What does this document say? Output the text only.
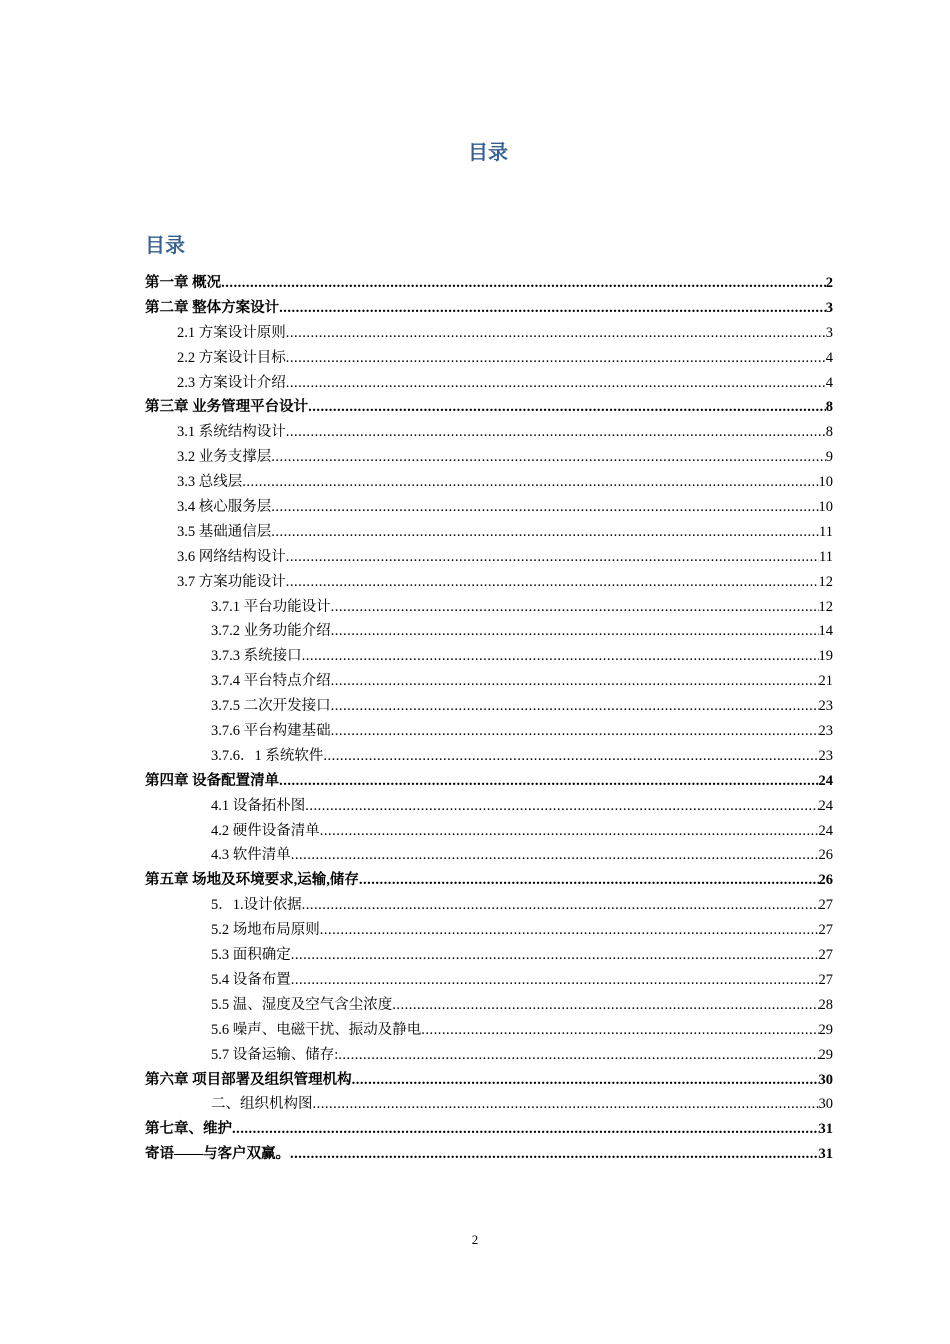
目录
目录
第一章 概况 .....	2
第二章 整体方案设计 .....	3
2.1 方案设计原则 .....	3
2.2 方案设计目标 .....	4
2.3 方案设计介绍 .....	4
第三章 业务管理平台设计 .....	8
3.1 系统结构设计 .....	8
3.2 业务支撑层 .....	9
3.3 总线层 .....	10
3.4 核心服务层 .....	10
3.5 基础通信层 .....	11
3.6 网络结构设计 .....	11
3.7 方案功能设计 .....	12
3.7.1 平台功能设计 .....	12
3.7.2 业务功能介绍 .....	14
3.7.3 系统接口 .....	19
3.7.4 平台特点介绍 .....	21
3.7.5 二次开发接口 .....	23
3.7.6 平台构建基础 .....	23
3.7.6．1 系统软件 .....	23
第四章 设备配置清单 .....	24
4.1 设备拓朴图 .....	24
4.2 硬件设备清单 .....	24
4.3 软件清单 .....	26
第五章 场地及环境要求,运输,储存 .....	26
5．1.设计依据 .....	27
5.2 场地布局原则 .....	27
5.3 面积确定 .....	27
5.4 设备布置 .....	27
5.5 温、湿度及空气含尘浓度 .....	28
5.6 噪声、电磁干扰、振动及静电 .....	29
5.7 设备运输、储存: .....	29
第六章 项目部署及组织管理机构 .....	30
二、组织机构图 .....	30
第七章、维护 .....	31
寄语——与客户双赢。 .....	31
2
